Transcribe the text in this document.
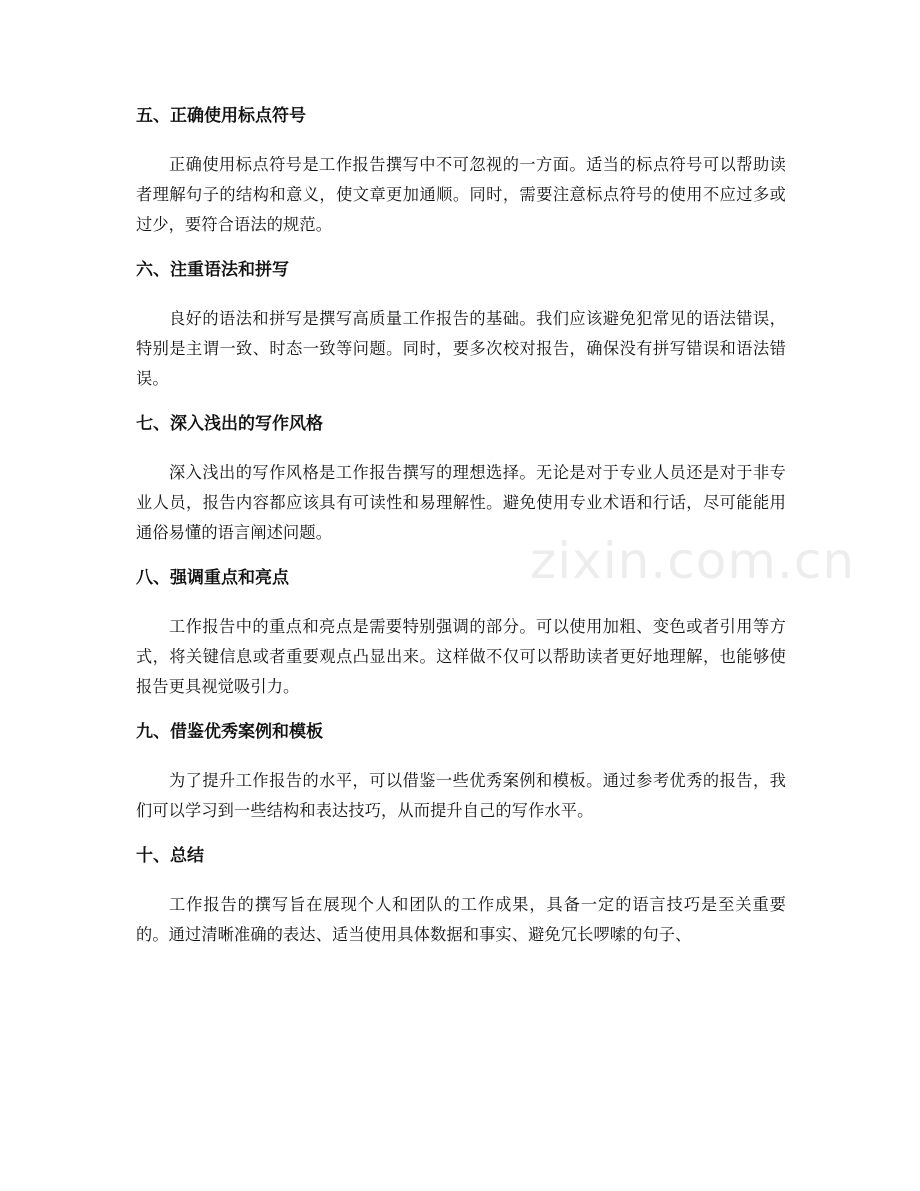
五、正确使用标点符号

正确使用标点符号是工作报告撰写中不可忽视的一方面。适当的标点符号可以帮助读者理解句子的结构和意义，使文章更加通顺。同时，需要注意标点符号的使用不应过多或过少，要符合语法的规范。

六、注重语法和拼写

良好的语法和拼写是撰写高质量工作报告的基础。我们应该避免犯常见的语法错误，特别是主谓一致、时态一致等问题。同时，要多次校对报告，确保没有拼写错误和语法错误。

七、深入浅出的写作风格

深入浅出的写作风格是工作报告撰写的理想选择。无论是对于专业人员还是对于非专业人员，报告内容都应该具有可读性和易理解性。避免使用专业术语和行话，尽可能能用通俗易懂的语言阐述问题。

八、强调重点和亮点

工作报告中的重点和亮点是需要特别强调的部分。可以使用加粗、变色或者引用等方式，将关键信息或者重要观点凸显出来。这样做不仅可以帮助读者更好地理解，也能够使报告更具视觉吸引力。

九、借鉴优秀案例和模板

为了提升工作报告的水平，可以借鉴一些优秀案例和模板。通过参考优秀的报告，我们可以学习到一些结构和表达技巧，从而提升自己的写作水平。

十、总结

工作报告的撰写旨在展现个人和团队的工作成果，具备一定的语言技巧是至关重要的。通过清晰准确的表达、适当使用具体数据和事实、避免冗长啰嗦的句子、

zixin.com.cn
